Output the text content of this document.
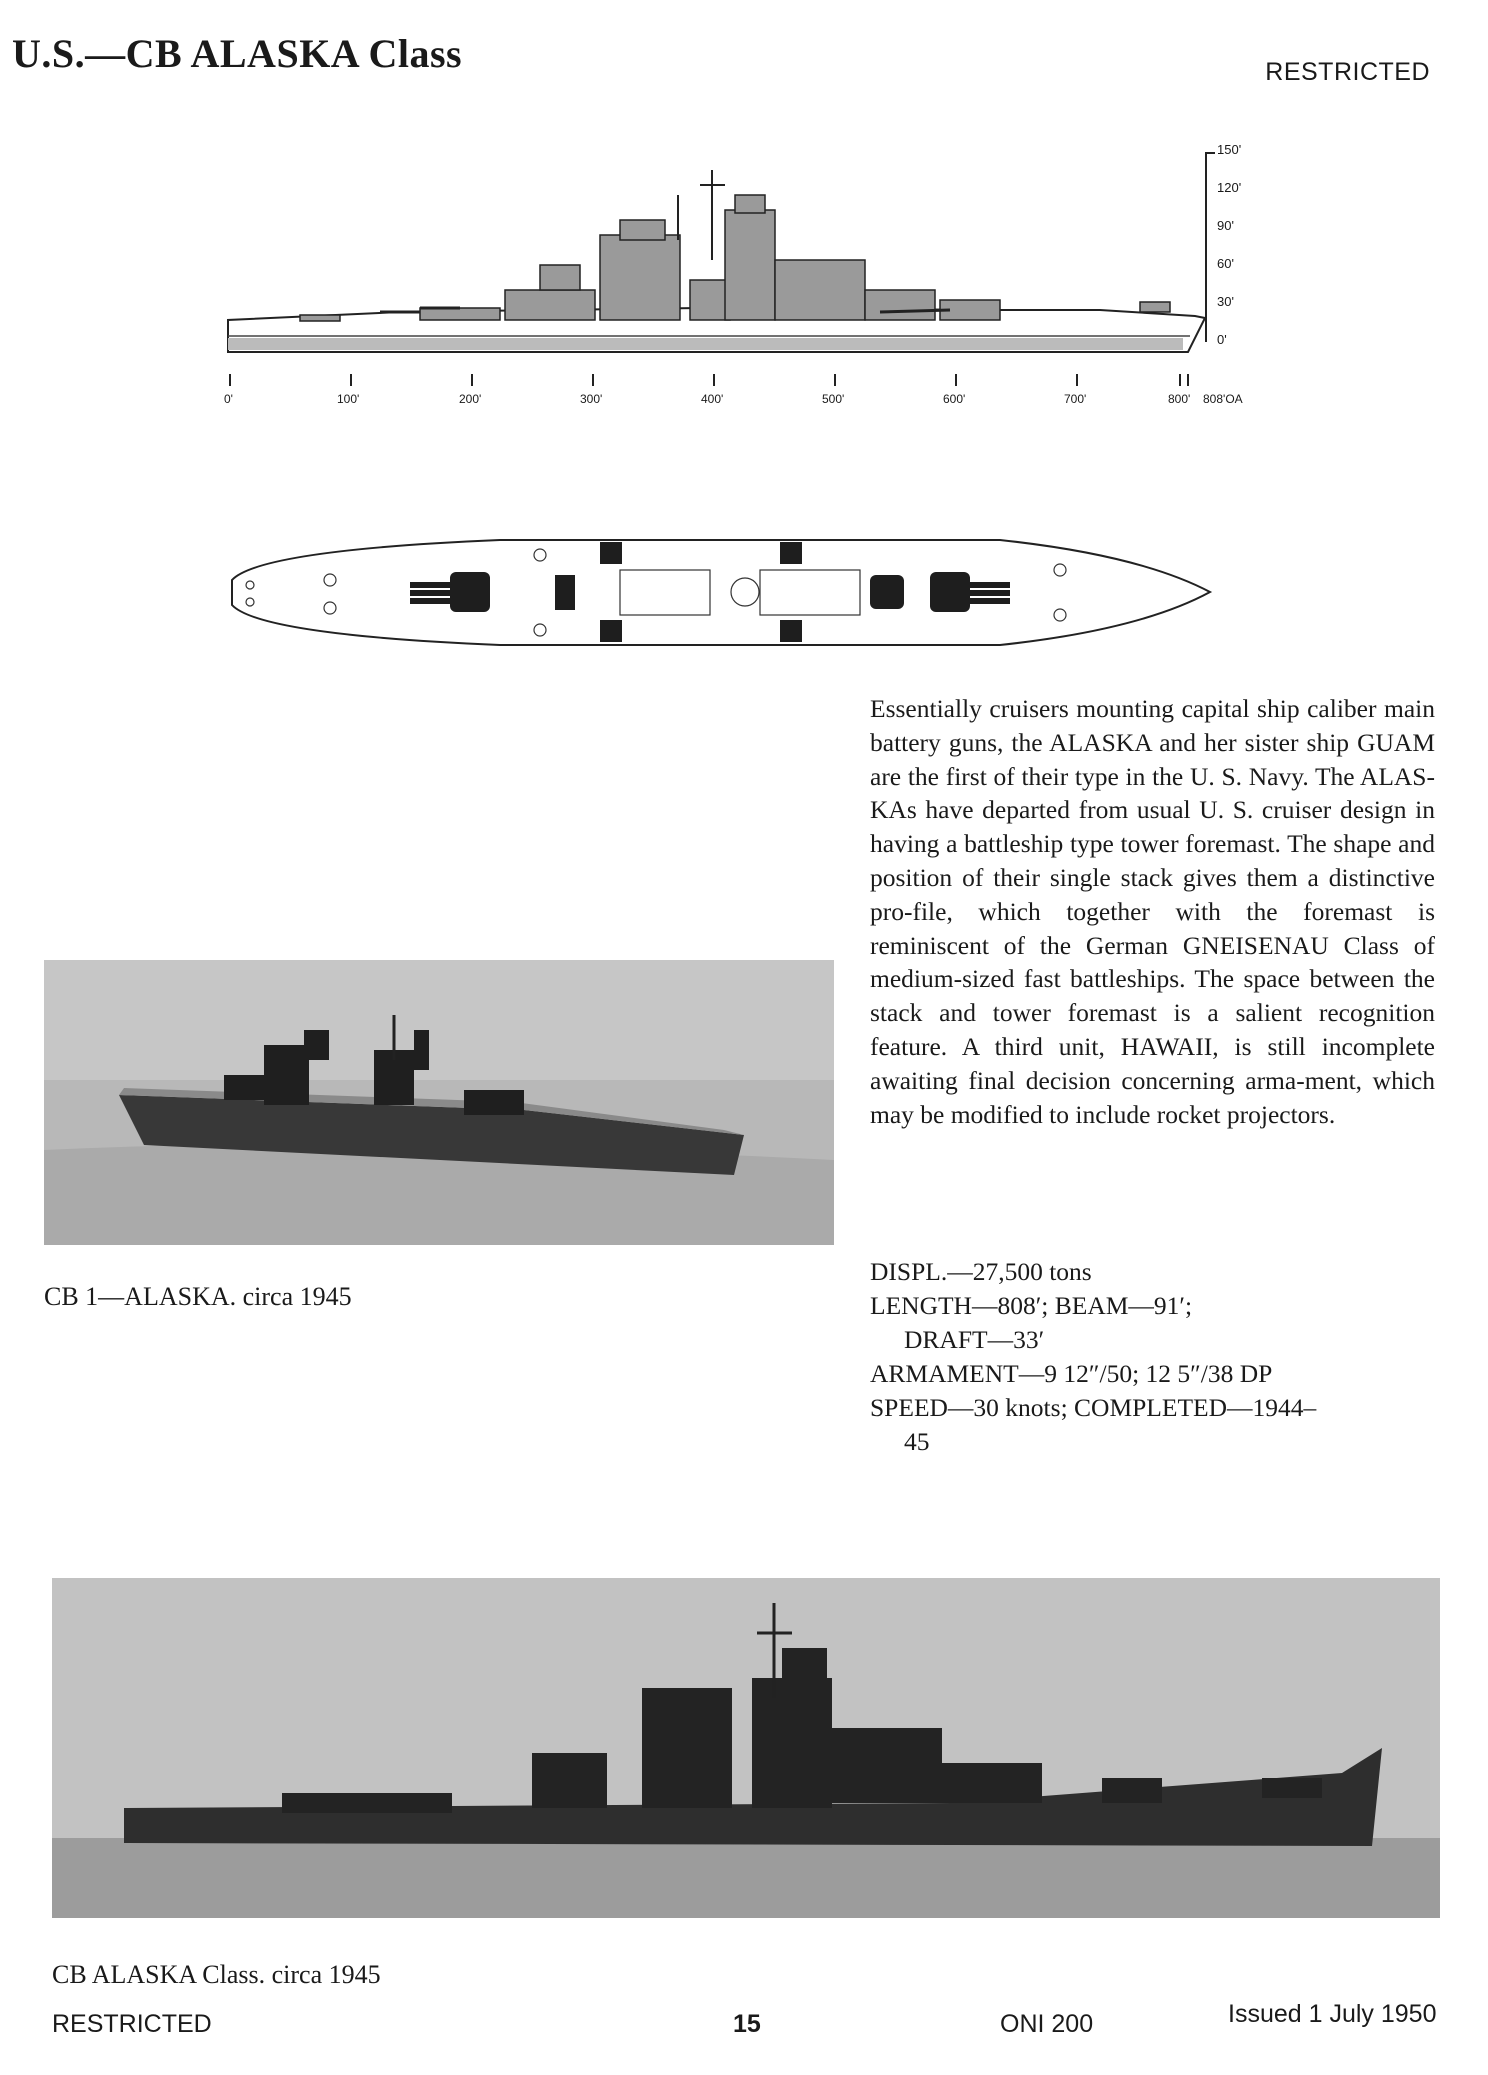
U.S.—CB ALASKA Class	RESTRICTED
150'
120'
90'
60'
30'
0'
0'	100'	200'	300'	400'	500'	600'	700'	800' 808'OA
CB 1—ALASKA. circa 1945
Essentially cruisers mounting capital ship caliber main battery guns, the ALASKA and her sister ship GUAM are the first of their type in the U. S. Navy. The ALAS-KAs have departed from usual U. S. cruiser design in having a battleship type tower foremast. The shape and position of their single stack gives them a distinctive pro-file, which together with the foremast is reminiscent of the German GNEISENAU Class of medium-sized fast battleships. The space between the stack and tower foremast is a salient recognition feature. A third unit, HAWAII, is still incomplete awaiting final decision concerning arma-ment, which may be modified to include rocket projectors.
DISPL.—27,500 tons
LENGTH—808′; BEAM—91′;
DRAFT—33′
ARMAMENT—9 12″/50; 12 5″/38 DP
SPEED—30 knots; COMPLETED—1944–
45
CB ALASKA Class. circa 1945
RESTRICTED	15	ONI 200	Issued 1 July 1950
